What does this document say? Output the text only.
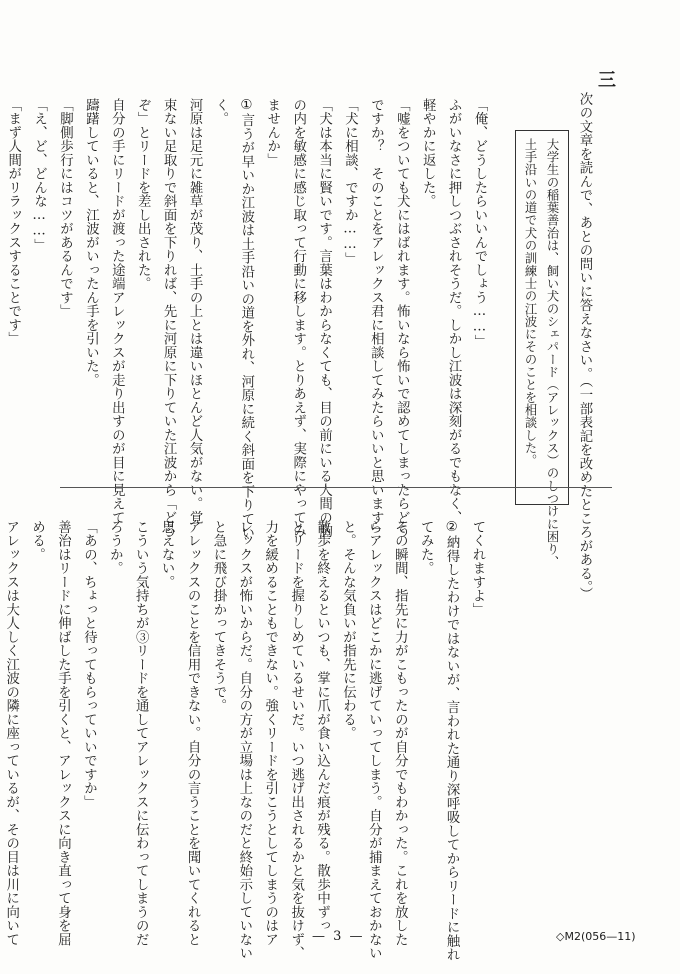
三
次の文章を読んで、あとの問いに答えなさい。（一部表記を改めたところがある。）
大学生の稲葉善治は、飼い犬のシェパード（アレックス）のしつけに困り、
土手沿いの道で犬の訓練士の江波にそのことを相談した。
「俺、どうしたらいいんでしょう……」
ふがいなさに押しつぶされそうだ。しかし江波は深刻がるでもなく、
軽やかに返した。
「嘘をついても犬にはばれます。怖いなら怖いで認めてしまったらどう
ですか？　そのことをアレックス君に相談してみたらいいと思います」
「犬に相談、ですか……」
「犬は本当に賢いです。言葉はわからなくても、目の前にいる人間の胸
の内を敏感に感じ取って行動に移します。とりあえず、実際にやってみ
ませんか」
①言うが早いか江波は土手沿いの道を外れ、河原に続く斜面を下りてい
く。
河原は足元に雑草が茂り、土手の上とは違いほとんど人気がない。覚
束ない足取りで斜面を下りれば、先に河原に下りていた江波から「どう
ぞ」とリードを差し出された。
自分の手にリードが渡った途端アレックスが走り出すのが目に見えて
躊躇していると、江波がいったん手を引いた。
「脚側歩行にはコツがあるんです」
「え、ど、どんな……」
「まず人間がリラックスすることです」

てくれますよ」
②納得したわけではないが、言われた通り深呼吸してからリードに触れ
てみた。
その瞬間、指先に力がこもったのが自分でもわかった。これを放した
らアレックスはどこかに逃げていってしまう。自分が捕まえておかない
と。そんな気負いが指先に伝わる。
散歩を終えるといつも、掌に爪が食い込んだ痕が残る。散歩中ずっ
とリードを握りしめているせいだ。いつ逃げ出されるかと気を抜けず、
力を緩めることもできない。強くリードを引こうとしてしまうのはア
レックスが怖いからだ。自分の方が立場は上なのだと終始示していない
と急に飛び掛かってきそうで。
アレックスのことを信用できない。自分の言うことを聞いてくれると
思えない。
こういう気持ちが③リードを通してアレックスに伝わってしまうのだ
ろうか。
「あの、ちょっと待ってもらっていいですか」
善治はリードに伸ばした手を引くと、アレックスに向き直って身を屈
める。
アレックスは大人しく江波の隣に座っているが、その目は川に向いて

　	— 3 —	◇M2(056—11)
